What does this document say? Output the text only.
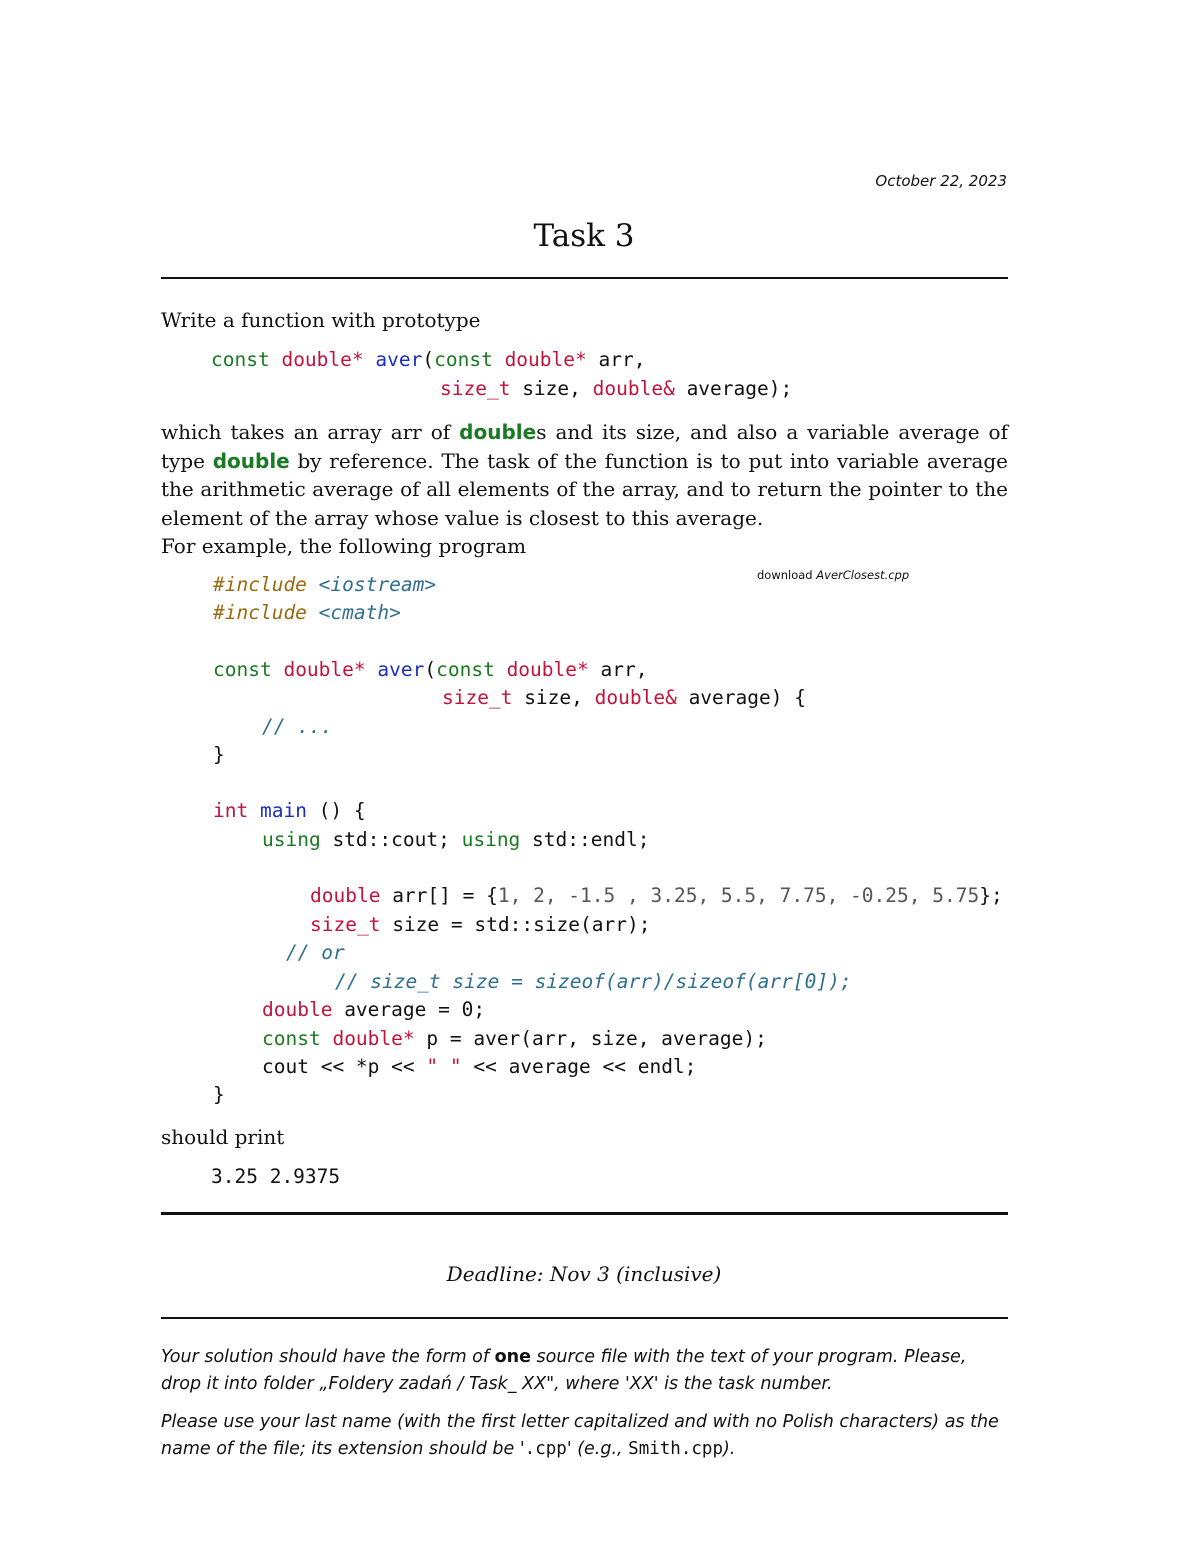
October 22, 2023
Task 3
Write a function with prototype
const double* aver(const double* arr,
size_t size, double& average);
which takes an array arr of doubles and its size, and also a variable average of type double by reference. The task of the function is to put into variable average the arithmetic average of all elements of the array, and to return the pointer to the element of the array whose value is closest to this average.
For example, the following program
download AverClosest.cpp
#include <iostream>
#include <cmath>
const double* aver(const double* arr,
size_t size, double& average) {
// ...
}
int main () {
using std::cout; using std::endl;
double arr[] = {1, 2, -1.5 , 3.25, 5.5, 7.75, -0.25, 5.75};
size_t size = std::size(arr);
// or
// size_t size = sizeof(arr)/sizeof(arr[0]);
double average = 0;
const double* p = aver(arr, size, average);
cout << *p << " " << average << endl;
}
should print
3.25 2.9375
Deadline: Nov 3 (inclusive)
Your solution should have the form of one source file with the text of your program. Please, drop it into folder „Foldery zadań / Task_ XX", where 'XX' is the task number.
Please use your last name (with the first letter capitalized and with no Polish characters) as the name of the file; its extension should be '.cpp' (e.g., Smith.cpp).
